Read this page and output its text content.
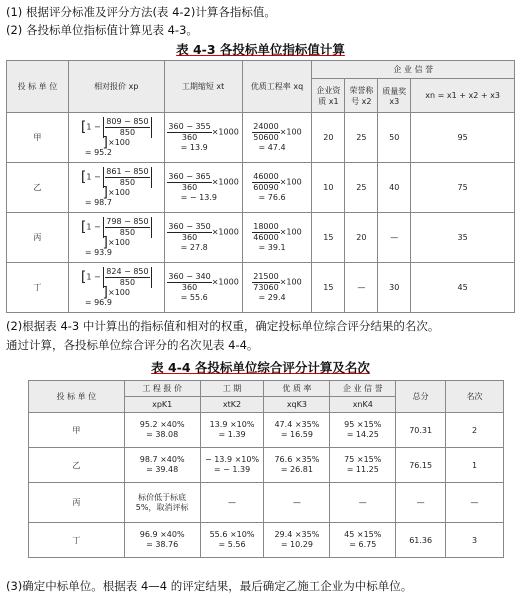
(1) 根据评分标准及评分方法(表 4-2)计算各指标值。
(2) 各投标单位指标值计算见表 4-3。
表 4-3 各投标单位指标值计算
投 标 单 位	相对报价 xp	工期缩短 xt	优质工程率 xq	企 业 信 誉			
				企业资质 x1	荣誉称号 x2	质量奖 x3	xn = x1 + x2 + x3
甲	[$1 - \frac{809 - 850}{850}$
]×100
= 95.2	$\frac{360 - 355}{360} \times 1000$
= 13.9	$\frac{24000}{50600} \times 100$
= 47.4	20	25	50	95
乙	[$1 - \frac{861 - 850}{850}$
]×100
= 98.7	$\frac{360 - 365}{360} \times 1000$
= − 13.9	$\frac{46000}{60090} \times 100$
= 76.6	10	25	40	75
丙	[$1 - \frac{798 - 850}{850}$
]×100
= 93.9	$\frac{360 - 350}{360} \times 1000$
= 27.8	$\frac{18000}{46000} \times 100$
= 39.1	15	20	—	35
丁	[$1 - \frac{824 - 850}{850}$
]×100
= 96.9	$\frac{360 - 340}{360} \times 1000$
= 55.6	$\frac{21500}{73060} \times 100$
= 29.4	15	—	30	45
(2)根据表 4-3 中计算出的指标值和相对的权重，确定投标单位综合评分结果的名次。
通过计算，各投标单位综合评分的名次见表 4-4。
表 4-4 各投标单位综合评分计算及名次
投 标 单 位	工 程 报 价	工 期	优 质 率	企 业 信 誉	总分	名次
	xpK1	xtK2	xqK3	xnK4		
甲	95.2 ×40%
= 38.08	13.9 ×10%
= 1.39	47.4 ×35%
= 16.59	95 ×15%
= 14.25	70.31	2
乙	98.7 ×40%
= 39.48	− 13.9 ×10%
= − 1.39	76.6 ×35%
= 26.81	75 ×15%
= 11.25	76.15	1
丙	标价低于标底
5%，取消评标	—	—	—	—	—
丁	96.9 ×40%
= 38.76	55.6 ×10%
= 5.56	29.4 ×35%
= 10.29	45 ×15%
= 6.75	61.36	3
(3)确定中标单位。根据表 4—4 的评定结果，最后确定乙施工企业为中标单位。
